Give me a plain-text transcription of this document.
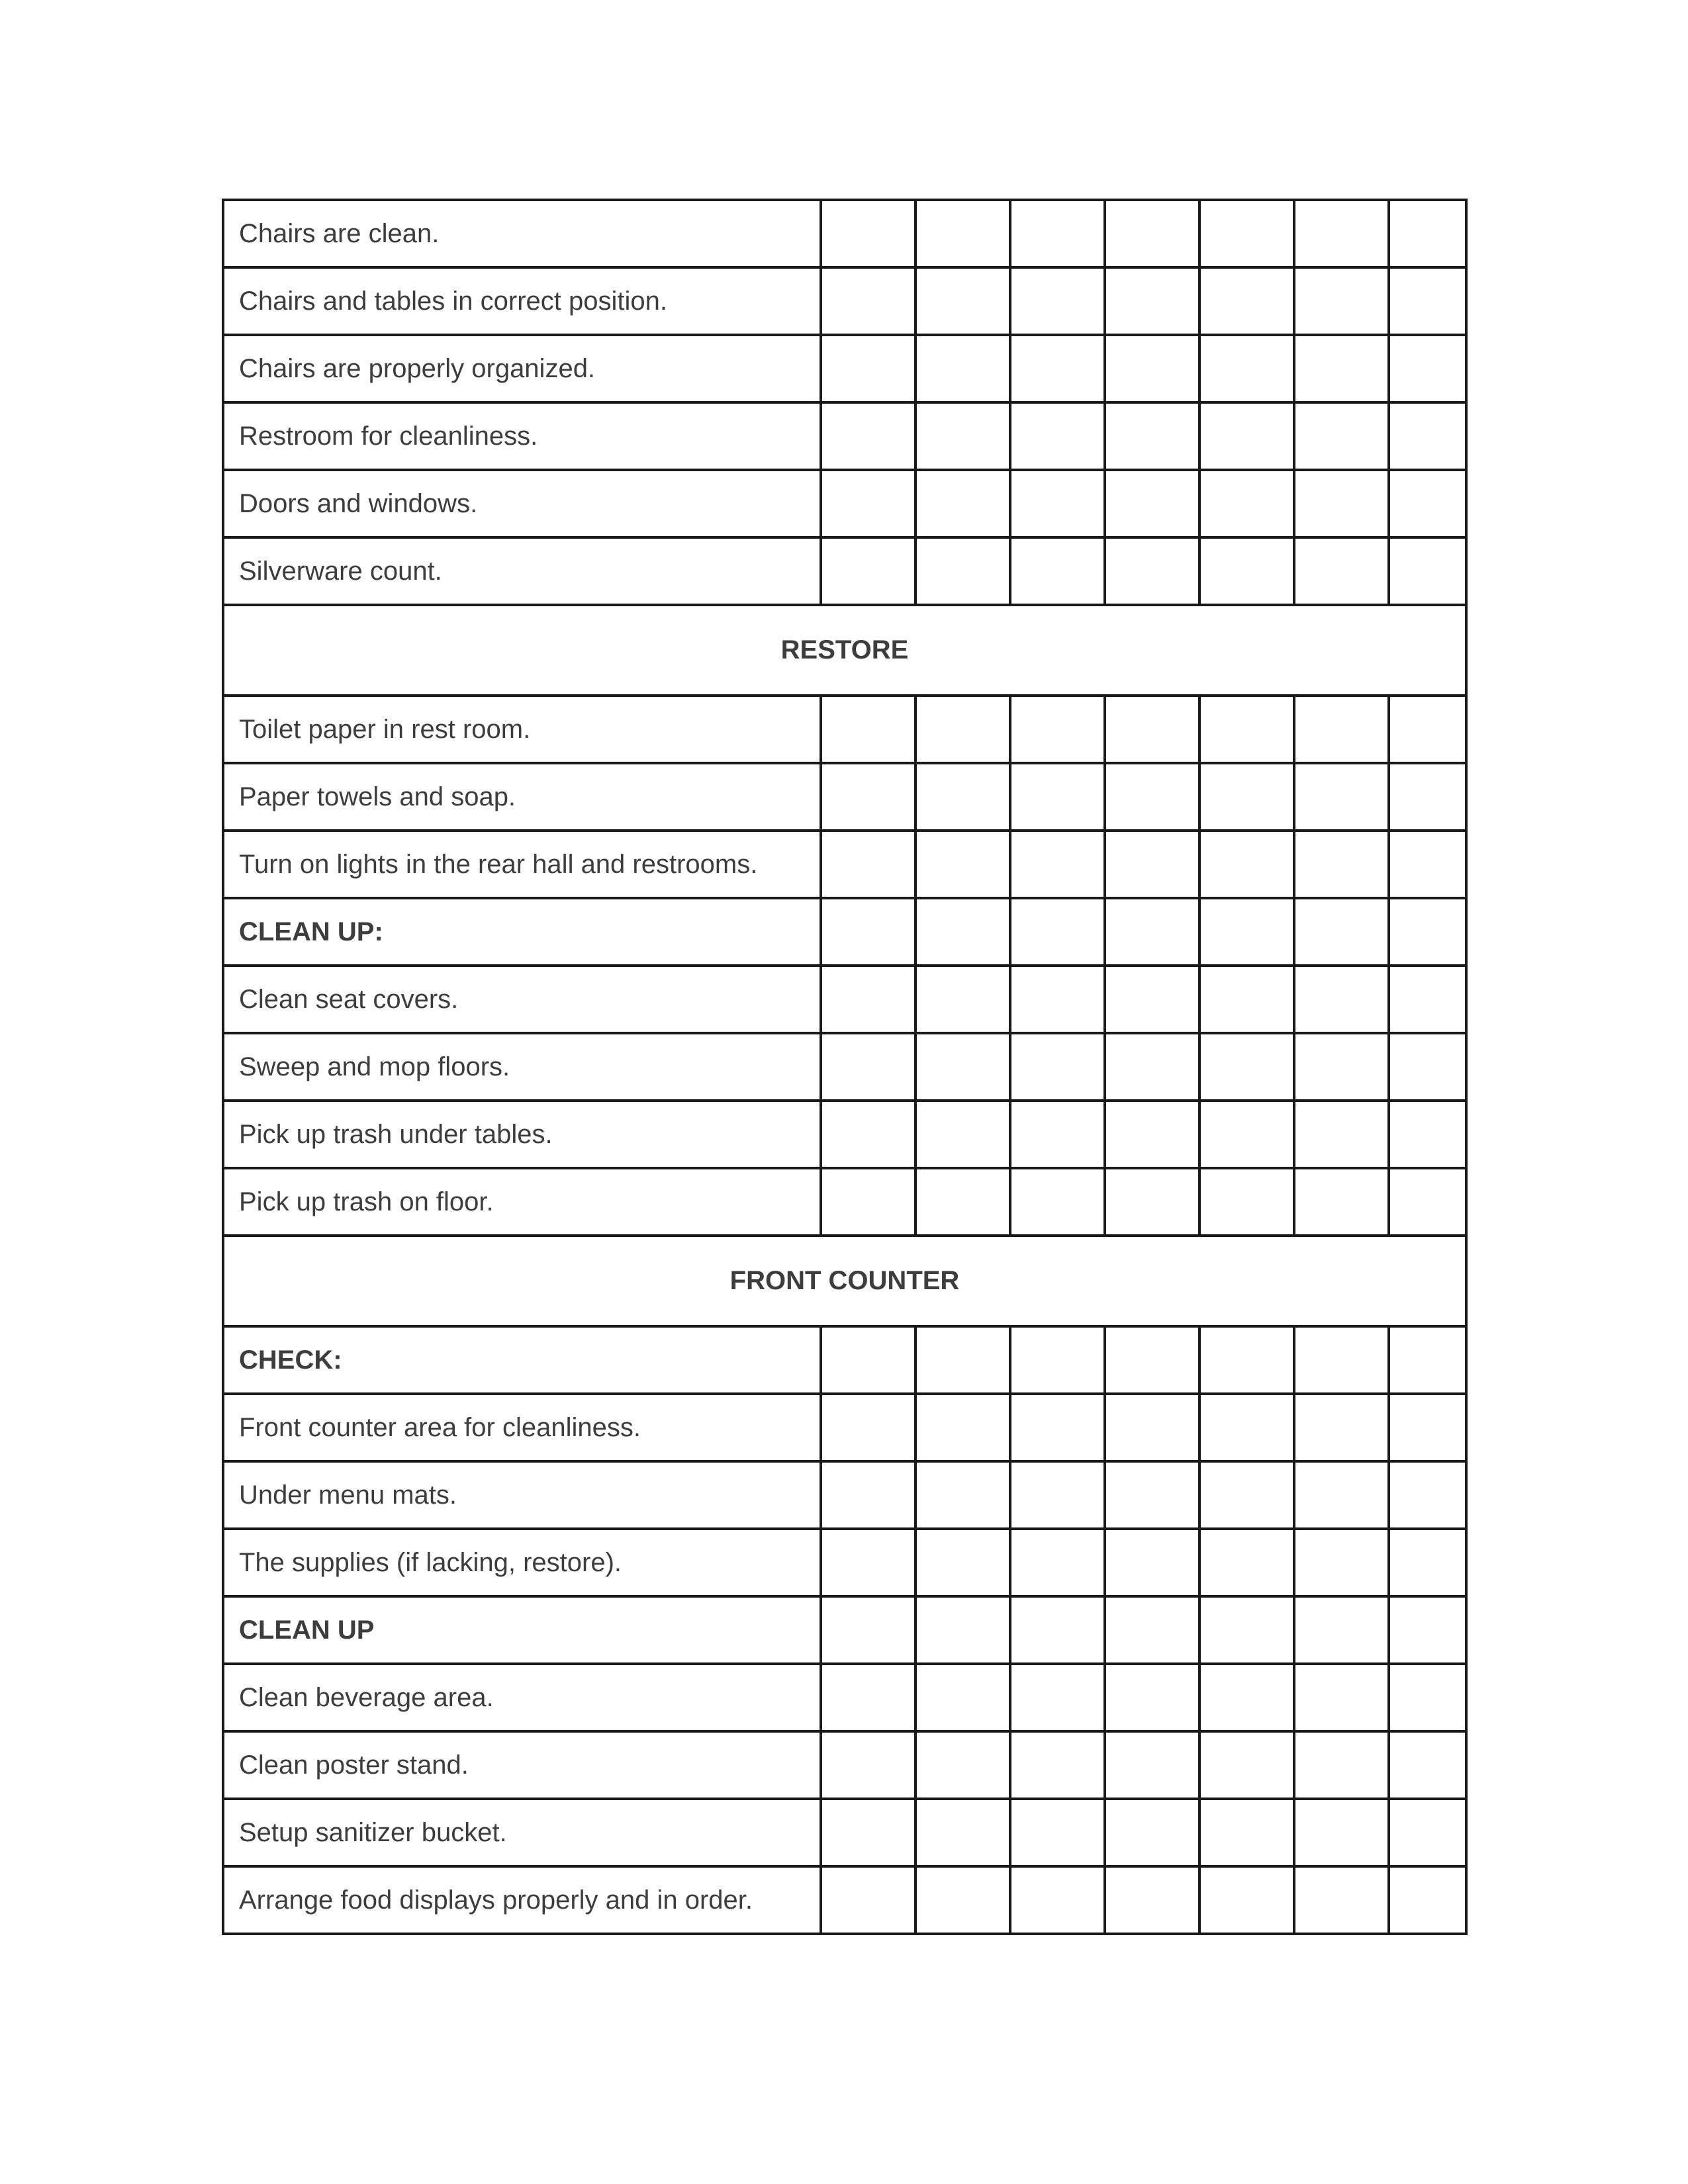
Chairs are clean.							
Chairs and tables in correct position.							
Chairs are properly organized.							
Restroom for cleanliness.							
Doors and windows.							
Silverware count.							
RESTORE							
Toilet paper in rest room.							
Paper towels and soap.							
Turn on lights in the rear hall and restrooms.							
CLEAN UP:							
Clean seat covers.							
Sweep and mop floors.							
Pick up trash under tables.							
Pick up trash on floor.							
FRONT COUNTER							
CHECK:							
Front counter area for cleanliness.							
Under menu mats.							
The supplies (if lacking, restore).							
CLEAN UP							
Clean beverage area.							
Clean poster stand.							
Setup sanitizer bucket.							
Arrange food displays properly and in order.							
